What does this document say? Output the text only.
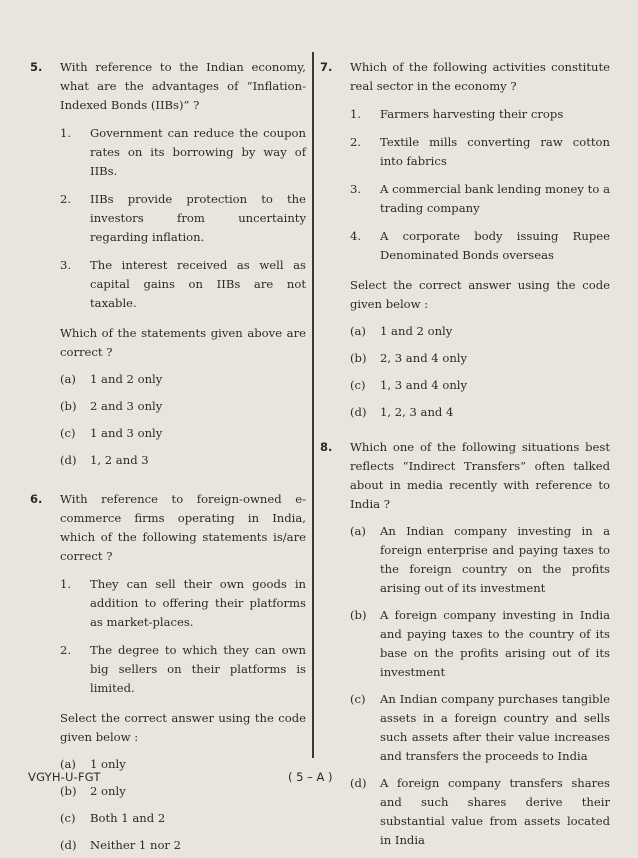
5. With reference to the Indian economy, what are the advantages of “Inflation-Indexed Bonds (IIBs)” ?
1. Government can reduce the coupon rates on its borrowing by way of IIBs.
2. IIBs provide protection to the investors from uncertainty regarding inflation.
3. The interest received as well as capital gains on IIBs are not taxable.
Which of the statements given above are correct ?
(a) 1 and 2 only
(b) 2 and 3 only
(c) 1 and 3 only
(d) 1, 2 and 3
6. With reference to foreign-owned e-commerce firms operating in India, which of the following statements is/are correct ?
1. They can sell their own goods in addition to offering their platforms as market-places.
2. The degree to which they can own big sellers on their platforms is limited.
Select the correct answer using the code given below :
(a) 1 only
(b) 2 only
(c) Both 1 and 2
(d) Neither 1 nor 2
7. Which of the following activities constitute real sector in the economy ?
1. Farmers harvesting their crops
2. Textile mills converting raw cotton into fabrics
3. A commercial bank lending money to a trading company
4. A corporate body issuing Rupee Denominated Bonds overseas
Select the correct answer using the code given below :
(a) 1 and 2 only
(b) 2, 3 and 4 only
(c) 1, 3 and 4 only
(d) 1, 2, 3 and 4
8. Which one of the following situations best reflects “Indirect Transfers” often talked about in media recently with reference to India ?
(a) An Indian company investing in a foreign enterprise and paying taxes to the foreign country on the profits arising out of its investment
(b) A foreign company investing in India and paying taxes to the country of its base on the profits arising out of its investment
(c) An Indian company purchases tangible assets in a foreign country and sells such assets after their value increases and transfers the proceeds to India
(d) A foreign company transfers shares and such shares derive their substantial value from assets located in India
VGYH-U-FGT	( 5 – A )
